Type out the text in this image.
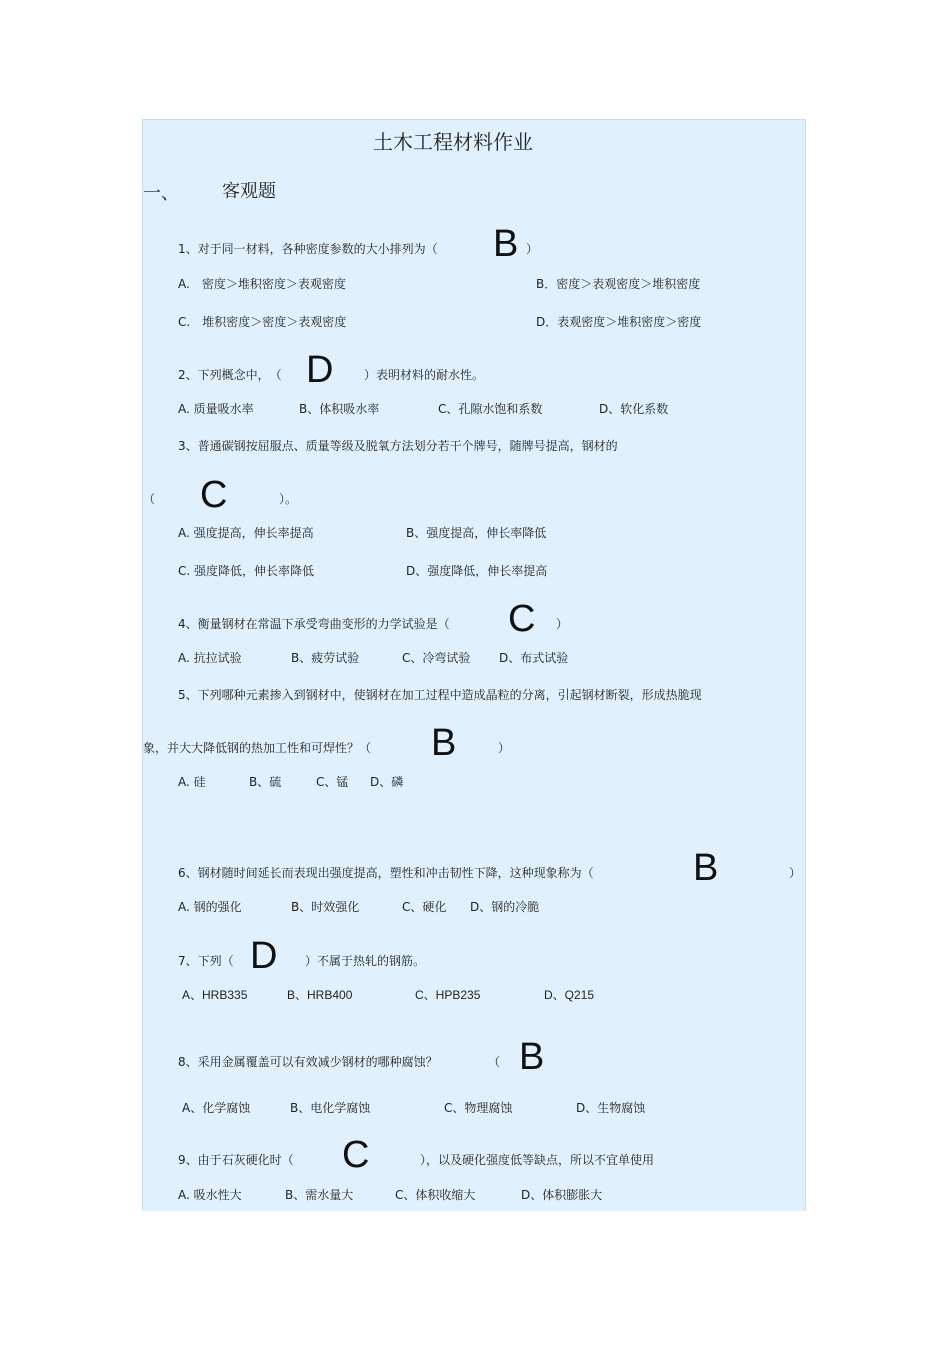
土木工程材料作业
一、 客观题
1、对于同一材料，各种密度参数的大小排列为（ B ）
A.　密度＞堆积密度＞表观密度	B．密度＞表观密度＞堆积密度
C.　堆积密度＞密度＞表观密度	D．表观密度＞堆积密度＞密度
2、下列概念中，　（ D	）表明材料的耐水性。
A. 质量吸水率	B、体积吸水率	C、孔隙水饱和系数	D、软化系数
3、普通碳钢按屈服点、质量等级及脱氧方法划分若干个牌号，随牌号提高，钢材的
（ C	）。
A. 强度提高，伸长率提高	B、强度提高，伸长率降低
C. 强度降低，伸长率降低	D、强度降低，伸长率提高
4、衡量钢材在常温下承受弯曲变形的力学试验是（ C ）
A. 抗拉试验	B、疲劳试验	C、冷弯试验 D、布式试验
5、下列哪种元素掺入到钢材中，使钢材在加工过程中造成晶粒的分离，引起钢材断裂，形成热脆现
象，并大大降低钢的热加工性和可焊性？（ B	）
A. 硅	B、硫	C、锰 D、磷
6、钢材随时间延长而表现出强度提高，塑性和冲击韧性下降，这种现象称为（	B	）
A. 钢的强化	B、时效强化	C、硬化 D、钢的冷脆
7、下列（ D ）不属于热轧的钢筋。
A、HRB335	B、HRB400	C、HPB235	D、Q215
8、采用金属覆盖可以有效减少钢材的哪种腐蚀？	（ B
A、化学腐蚀	B、电化学腐蚀	C、物理腐蚀	D、生物腐蚀
9、由于石灰硬化时（ C	），以及硬化强度低等缺点，所以不宜单使用
A. 吸水性大	B、需水量大	C、体积收缩大	D、体积膨胀大
